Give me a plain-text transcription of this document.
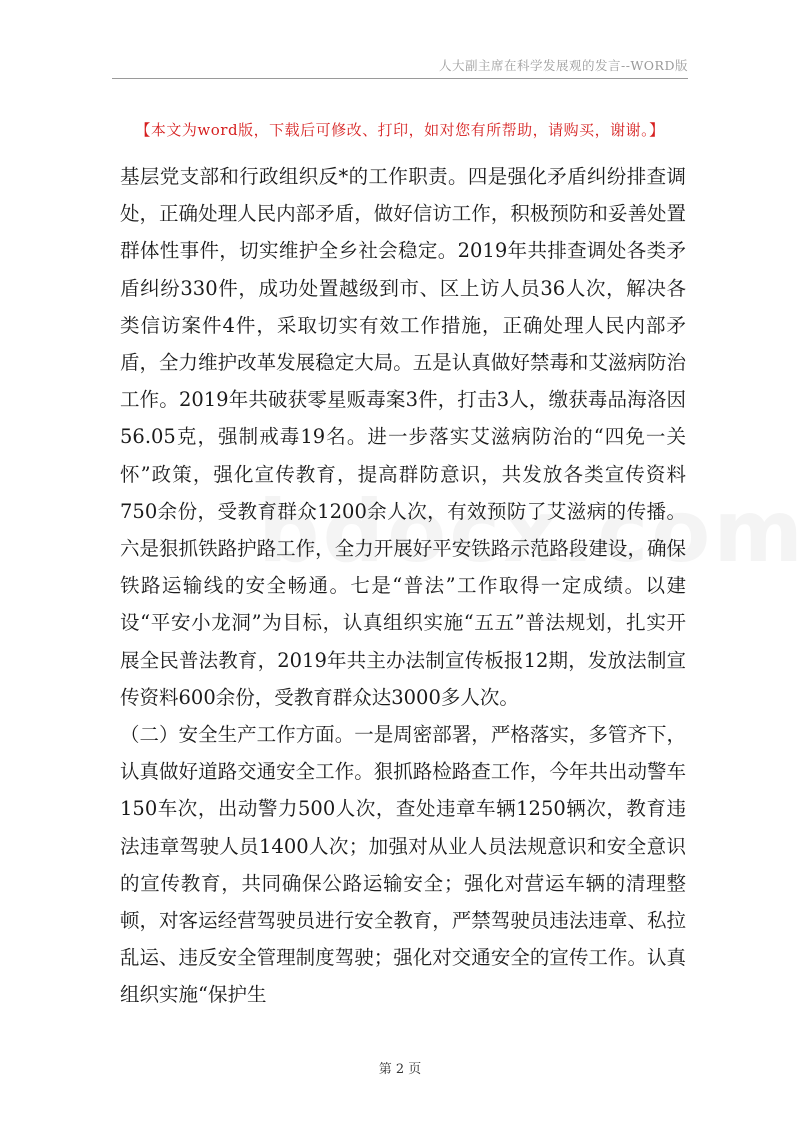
人大副主席在科学发展观的发言--WORD版
【本文为word版，下载后可修改、打印，如对您有所帮助，请购买，谢谢。】

基层党支部和行政组织反*的工作职责。四是强化矛盾纠纷排查调处，正确处理人民内部矛盾，做好信访工作，积极预防和妥善处置群体性事件，切实维护全乡社会稳定。2019年共排查调处各类矛盾纠纷330件，成功处置越级到市、区上访人员36人次，解决各类信访案件4件，采取切实有效工作措施，正确处理人民内部矛盾，全力维护改革发展稳定大局。五是认真做好禁毒和艾滋病防治工作。2019年共破获零星贩毒案3件，打击3人，缴获毒品海洛因56.05克，强制戒毒19名。进一步落实艾滋病防治的“四免一关怀”政策，强化宣传教育，提高群防意识，共发放各类宣传资料750余份，受教育群众1200余人次，有效预防了艾滋病的传播。六是狠抓铁路护路工作，全力开展好平安铁路示范路段建设，确保铁路运输线的安全畅通。七是“普法”工作取得一定成绩。以建设“平安小龙洞”为目标，认真组织实施“五五”普法规划，扎实开展全民普法教育，2019年共主办法制宣传板报12期，发放法制宣传资料600余份，受教育群众达3000多人次。

（二）安全生产工作方面。一是周密部署，严格落实，多管齐下，认真做好道路交通安全工作。狠抓路检路查工作，今年共出动警车150车次，出动警力500人次，查处违章车辆1250辆次，教育违法违章驾驶人员1400人次；加强对从业人员法规意识和安全意识的宣传教育，共同确保公路运输安全；强化对营运车辆的清理整顿，对客运经营驾驶员进行安全教育，严禁驾驶员违法违章、私拉乱运、违反安全管理制度驾驶；强化对交通安全的宣传工作。认真组织实施“保护生

第 2 页
